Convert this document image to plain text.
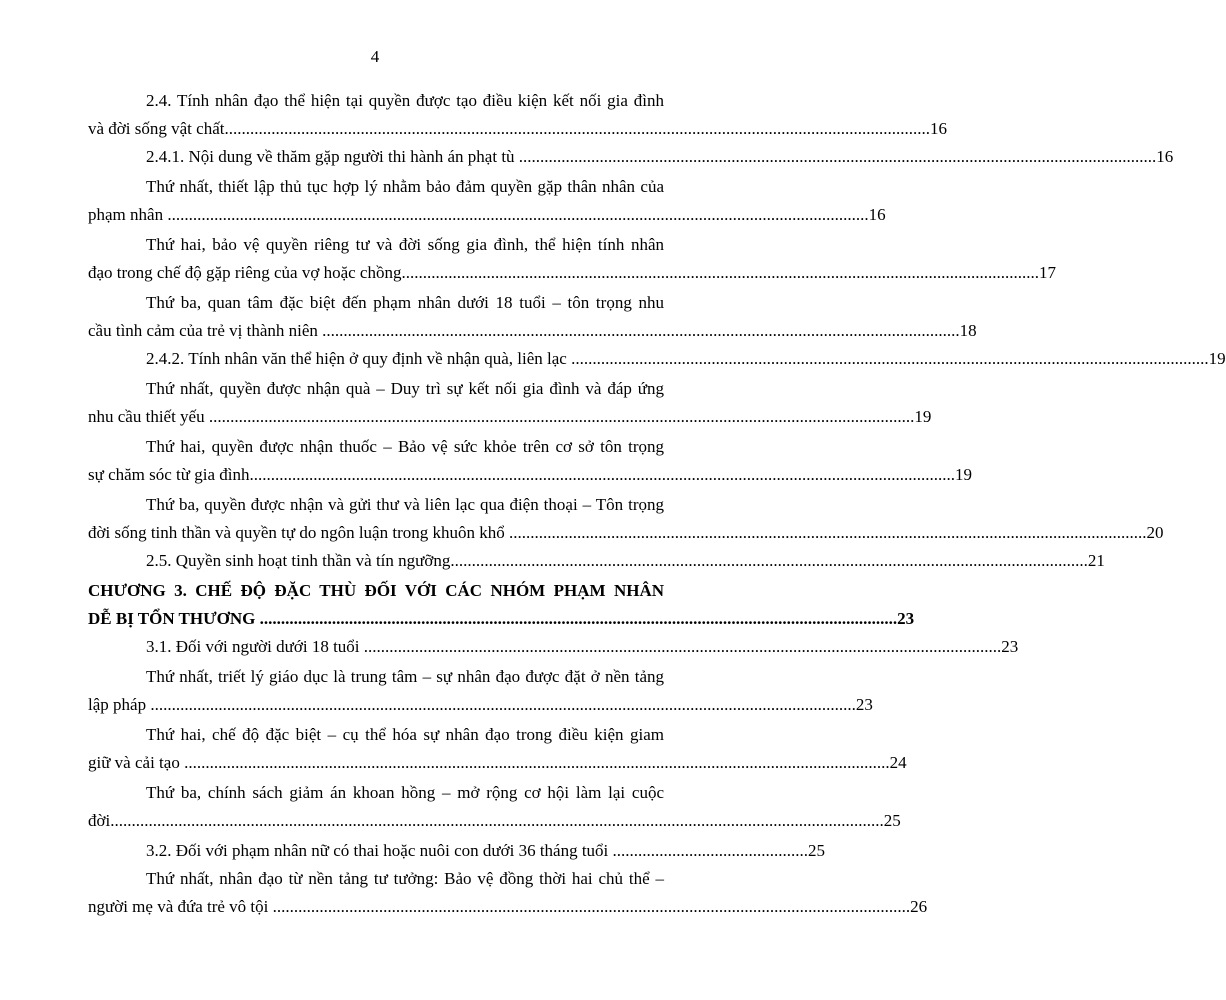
4
2.4. Tính nhân đạo thể hiện tại quyền được tạo điều kiện kết nối gia đình
và đời sống vật chất ...................................................................................................................................................................... 16
2.4.1. Nội dung về thăm gặp người thi hành án phạt tù ...................................................................................................................................................... 16
Thứ nhất, thiết lập thủ tục hợp lý nhằm bảo đảm quyền gặp thân nhân của
phạm nhân ..................................................................................................................................................................... 16
Thứ hai, bảo vệ quyền riêng tư và đời sống gia đình, thể hiện tính nhân
đạo trong chế độ gặp riêng của vợ hoặc chồng ...................................................................................................................................................... 17
Thứ ba, quan tâm đặc biệt đến phạm nhân dưới 18 tuổi – tôn trọng nhu
cầu tình cảm của trẻ vị thành niên ...................................................................................................................................................... 18
2.4.2. Tính nhân văn thể hiện ở quy định về nhận quà, liên lạc ...................................................................................................................................................... 19
Thứ nhất, quyền được nhận quà – Duy trì sự kết nối gia đình và đáp ứng
nhu cầu thiết yếu ...................................................................................................................................................................... 19
Thứ hai, quyền được nhận thuốc – Bảo vệ sức khỏe trên cơ sở tôn trọng
sự chăm sóc từ gia đình ...................................................................................................................................................................... 19
Thứ ba, quyền được nhận và gửi thư và liên lạc qua điện thoại – Tôn trọng
đời sống tinh thần và quyền tự do ngôn luận trong khuôn khổ ...................................................................................................................................................... 20
2.5. Quyền sinh hoạt tinh thần và tín ngưỡng ...................................................................................................................................................... 21
CHƯƠNG 3. CHẾ ĐỘ ĐẶC THÙ ĐỐI VỚI CÁC NHÓM PHẠM NHÂN
DỄ BỊ TỔN THƯƠNG ...................................................................................................................................................... 23
3.1. Đối với người dưới 18 tuổi ...................................................................................................................................................... 23
Thứ nhất, triết lý giáo dục là trung tâm – sự nhân đạo được đặt ở nền tảng
lập pháp ...................................................................................................................................................................... 23
Thứ hai, chế độ đặc biệt – cụ thể hóa sự nhân đạo trong điều kiện giam
giữ và cải tạo ...................................................................................................................................................................... 24
Thứ ba, chính sách giảm án khoan hồng – mở rộng cơ hội làm lại cuộc
đời ...................................................................................................................................................................................... 25
3.2. Đối với phạm nhân nữ có thai hoặc nuôi con dưới 36 tháng tuổi .............................................. 25
Thứ nhất, nhân đạo từ nền tảng tư tưởng: Bảo vệ đồng thời hai chủ thể –
người mẹ và đứa trẻ vô tội ...................................................................................................................................................... 26
